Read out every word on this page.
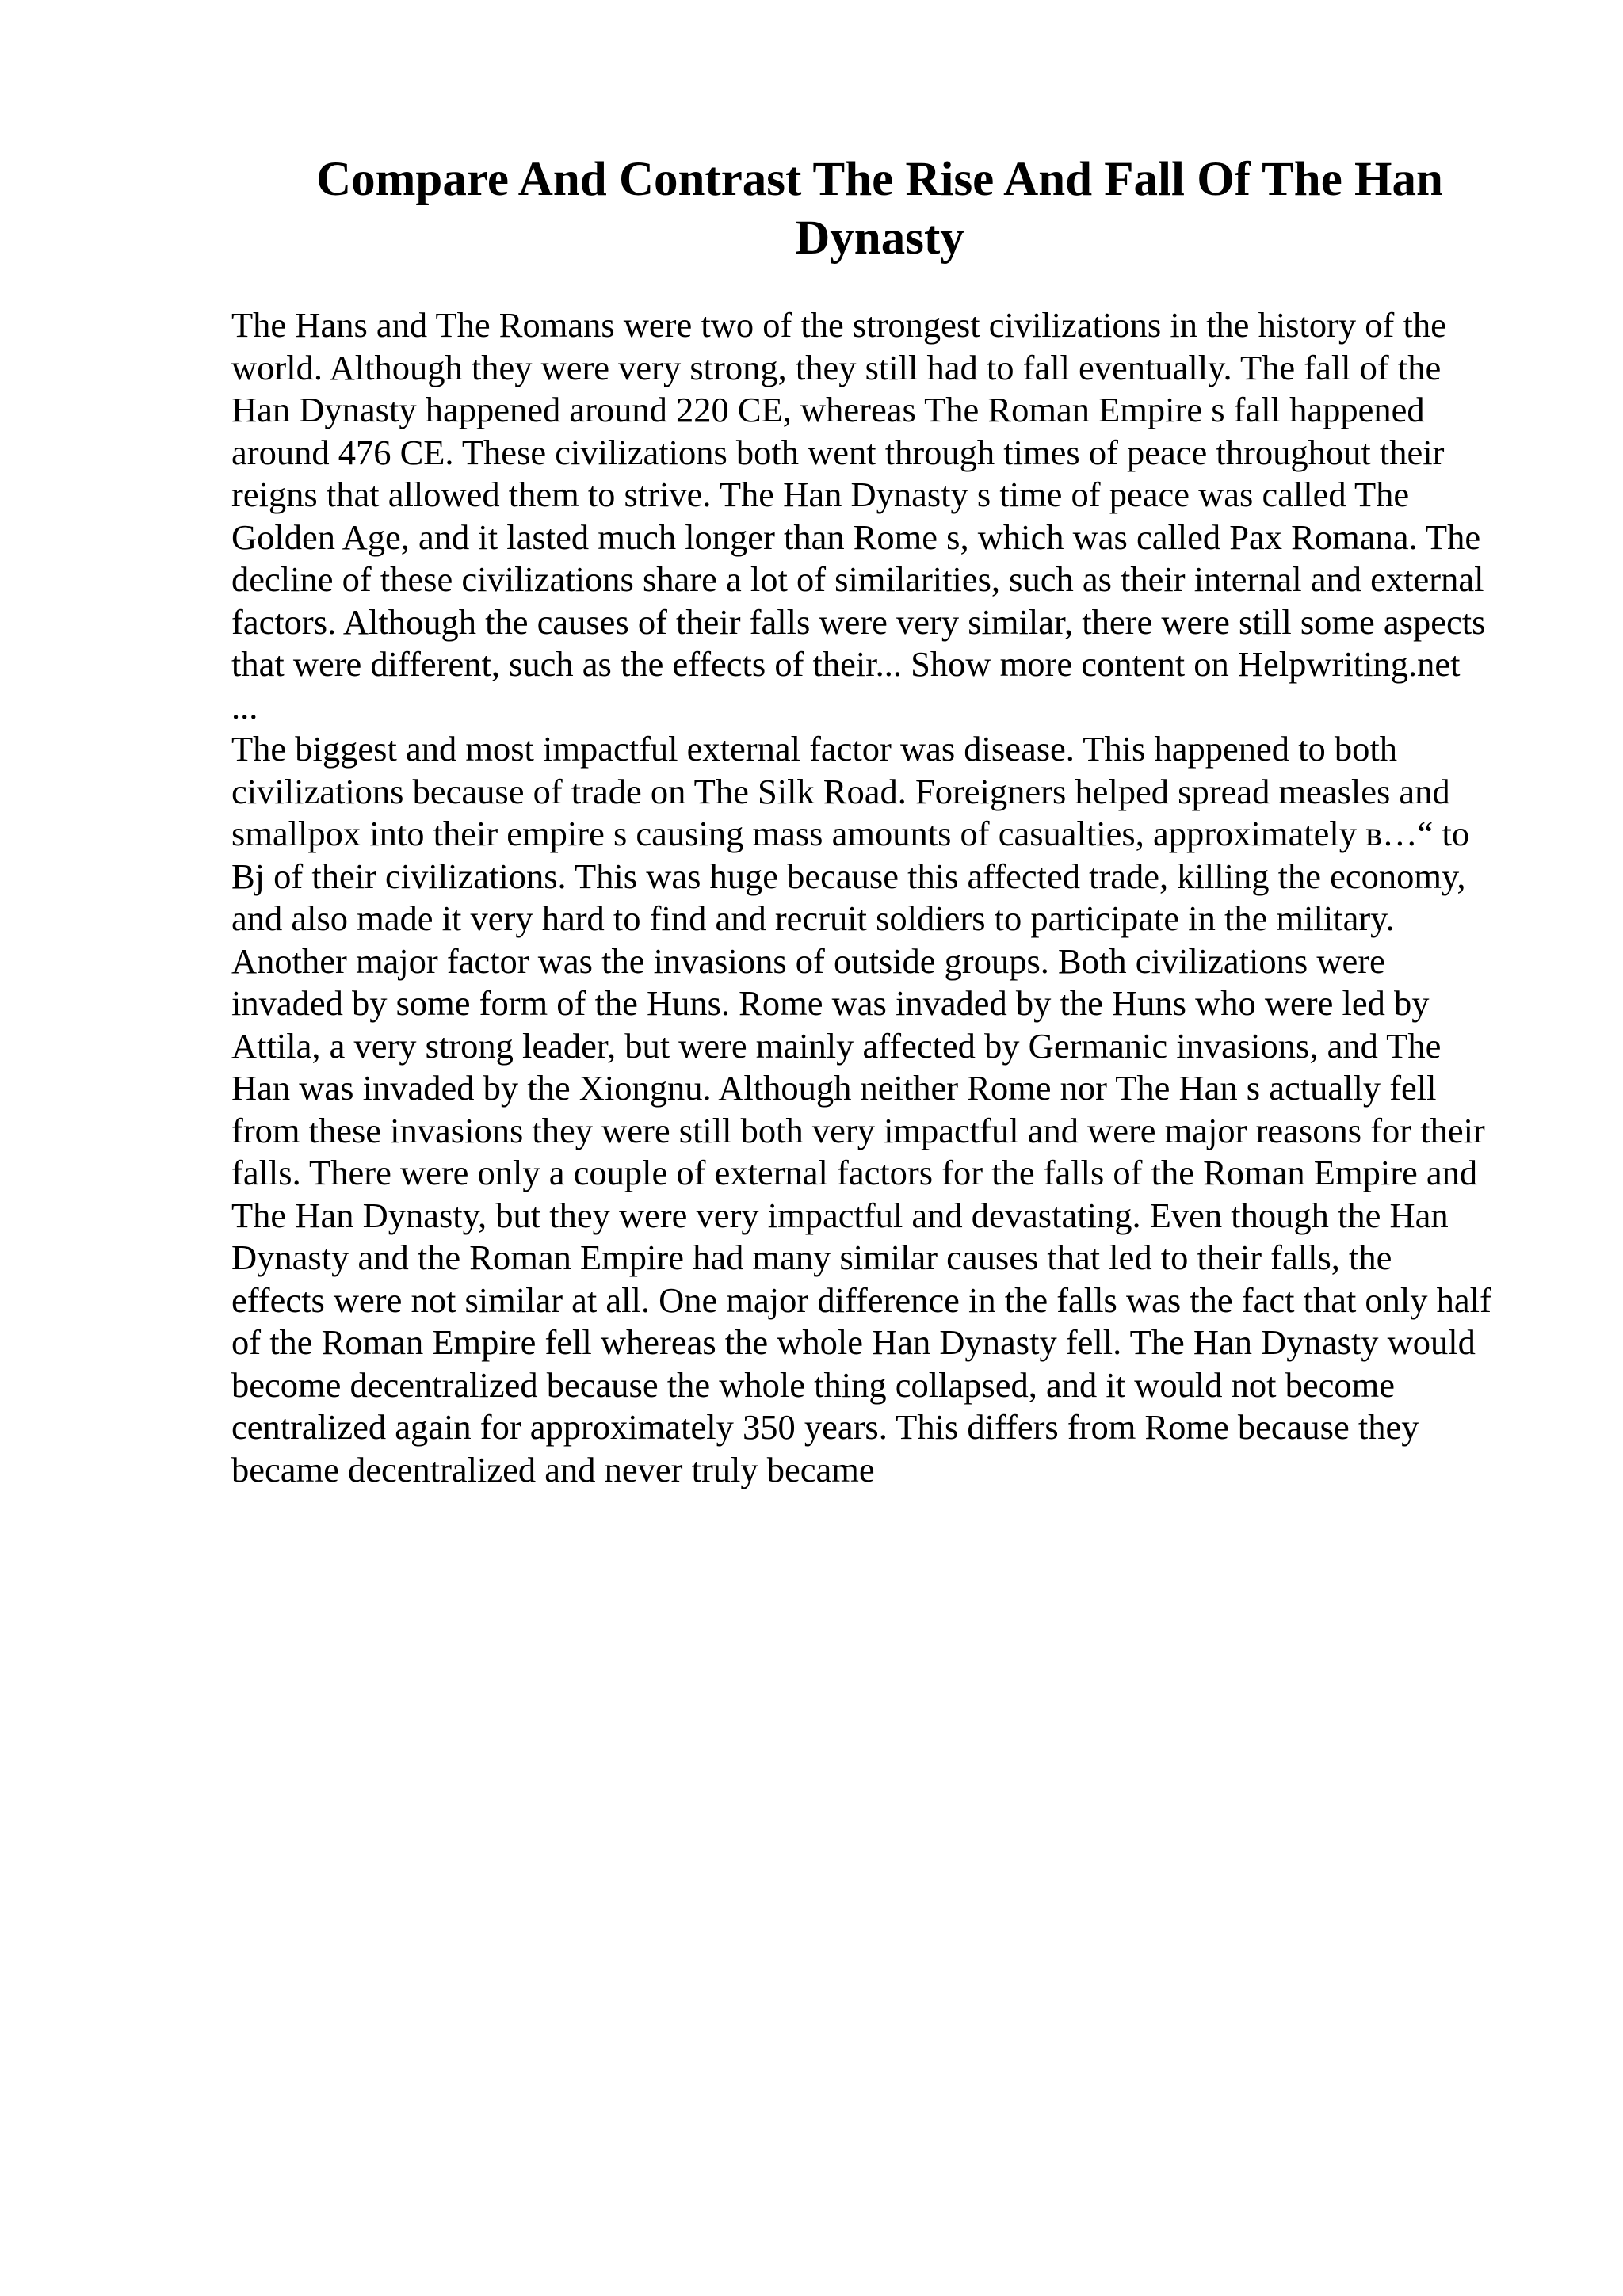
Compare And Contrast The Rise And Fall Of The Han Dynasty

The Hans and The Romans were two of the strongest civilizations in the history of the world. Although they were very strong, they still had to fall eventually. The fall of the Han Dynasty happened around 220 CE, whereas The Roman Empire s fall happened around 476 CE. These civilizations both went through times of peace throughout their reigns that allowed them to strive. The Han Dynasty s time of peace was called The Golden Age, and it lasted much longer than Rome s, which was called Pax Romana. The decline of these civilizations share a lot of similarities, such as their internal and external factors. Although the causes of their falls were very similar, there were still some aspects that were different, such as the effects of their... Show more content on Helpwriting.net ...

The biggest and most impactful external factor was disease. This happened to both civilizations because of trade on The Silk Road. Foreigners helped spread measles and smallpox into their empire s causing mass amounts of casualties, approximately в…“ to Bj of their civilizations. This was huge because this affected trade, killing the economy, and also made it very hard to find and recruit soldiers to participate in the military. Another major factor was the invasions of outside groups. Both civilizations were invaded by some form of the Huns. Rome was invaded by the Huns who were led by Attila, a very strong leader, but were mainly affected by Germanic invasions, and The Han was invaded by the Xiongnu. Although neither Rome nor The Han s actually fell from these invasions they were still both very impactful and were major reasons for their falls. There were only a couple of external factors for the falls of the Roman Empire and The Han Dynasty, but they were very impactful and devastating. Even though the Han Dynasty and the Roman Empire had many similar causes that led to their falls, the effects were not similar at all. One major difference in the falls was the fact that only half of the Roman Empire fell whereas the whole Han Dynasty fell. The Han Dynasty would become decentralized because the whole thing collapsed, and it would not become centralized again for approximately 350 years. This differs from Rome because they became decentralized and never truly became
